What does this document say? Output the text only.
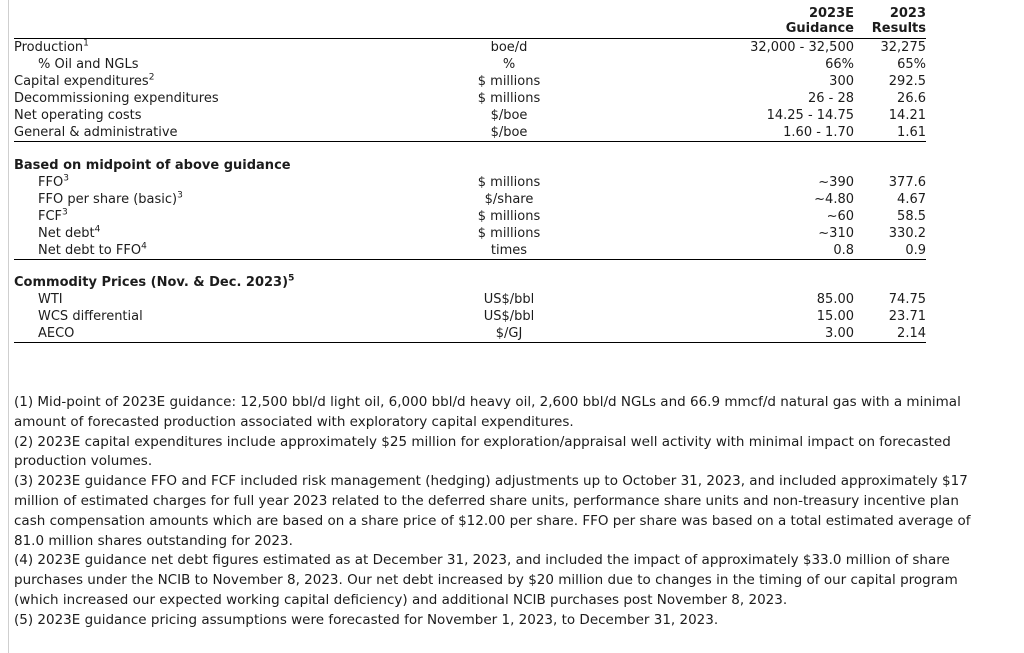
2023E
Guidance

2023
Results

Production$^1$	boe/d	32,000 - 32,500	32,275
% Oil and NGLs	%	66%	65%
Capital expenditures$^2$	$ millions	300	292.5
Decommissioning expenditures	$ millions	26 - 28	26.6
Net operating costs	$/boe	14.25 - 14.75	14.21
General & administrative	$/boe	1.60 - 1.70	1.61

Based on midpoint of above guidance			
FFO$^3$	$ millions	~390	377.6
FFO per share (basic)$^3$	$/share	~4.80	4.67
FCF$^3$	$ millions	~60	58.5
Net debt$^4$	$ millions	~310	330.2
Net debt to FFO$^4$	times	0.8	0.9

Commodity Prices (Nov. & Dec. 2023)$^5$
WTI	US$/bbl	85.00	74.75
WCS differential	US$/bbl	15.00	23.71
AECO	$/GJ	3.00	2.14

(1) Mid-point of 2023E guidance: 12,500 bbl/d light oil, 6,000 bbl/d heavy oil, 2,600 bbl/d NGLs and 66.9 mmcf/d natural gas with a minimal amount of forecasted production associated with exploratory capital expenditures.

(2) 2023E capital expenditures include approximately $25 million for exploration/appraisal well activity with minimal impact on forecasted production volumes.

(3) 2023E guidance FFO and FCF included risk management (hedging) adjustments up to October 31, 2023, and included approximately $17 million of estimated charges for full year 2023 related to the deferred share units, performance share units and non-treasury incentive plan cash compensation amounts which are based on a share price of $12.00 per share. FFO per share was based on a total estimated average of 81.0 million shares outstanding for 2023.

(4) 2023E guidance net debt figures estimated as at December 31, 2023, and included the impact of approximately $33.0 million of share purchases under the NCIB to November 8, 2023. Our net debt increased by $20 million due to changes in the timing of our capital program (which increased our expected working capital deficiency) and additional NCIB purchases post November 8, 2023.

(5) 2023E guidance pricing assumptions were forecasted for November 1, 2023, to December 31, 2023.
